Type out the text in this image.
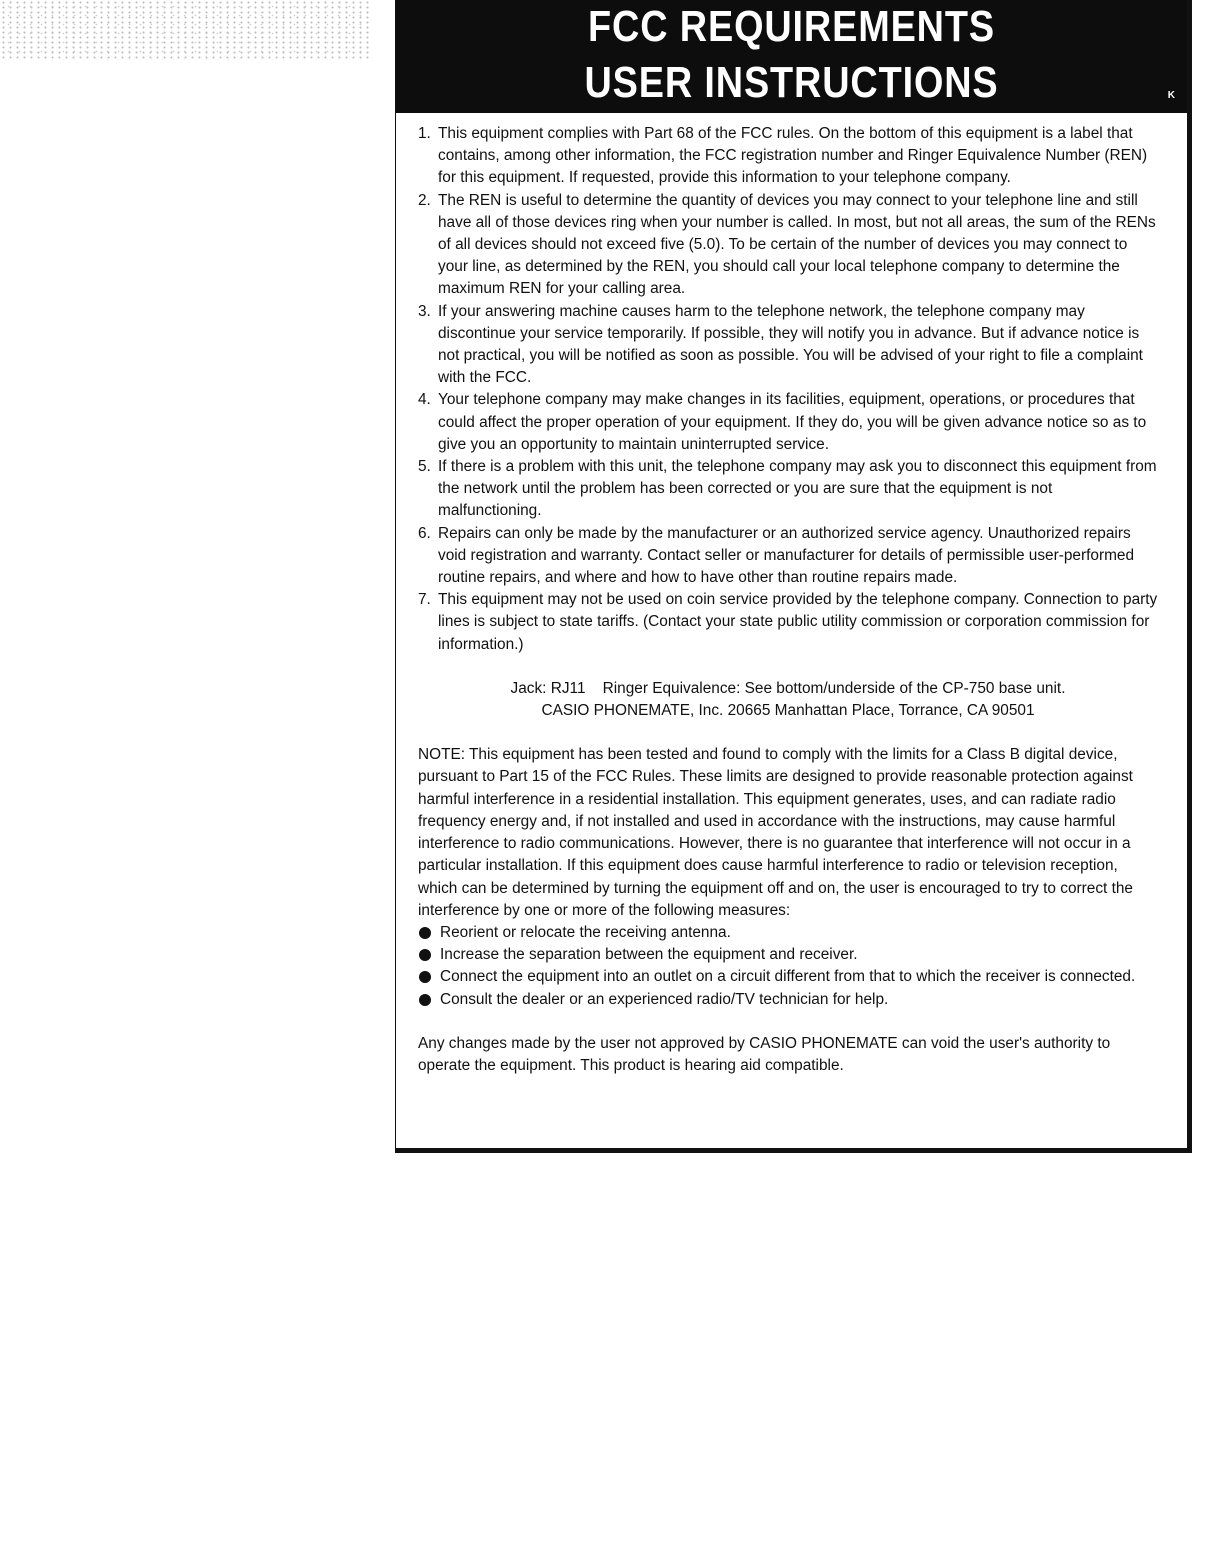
FCC REQUIREMENTS
USER INSTRUCTIONS	K
1. This equipment complies with Part 68 of the FCC rules. On the bottom of this equipment is a label that contains, among other information, the FCC registration number and Ringer Equivalence Number (REN) for this equipment. If requested, provide this information to your telephone company.
2. The REN is useful to determine the quantity of devices you may connect to your telephone line and still have all of those devices ring when your number is called. In most, but not all areas, the sum of the RENs of all devices should not exceed five (5.0). To be certain of the number of devices you may connect to your line, as determined by the REN, you should call your local telephone company to determine the maximum REN for your calling area.
3. If your answering machine causes harm to the telephone network, the telephone company may discontinue your service temporarily. If possible, they will notify you in advance. But if advance notice is not practical, you will be notified as soon as possible. You will be advised of your right to file a complaint with the FCC.
4. Your telephone company may make changes in its facilities, equipment, operations, or procedures that could affect the proper operation of your equipment. If they do, you will be given advance notice so as to give you an opportunity to maintain uninterrupted service.
5. If there is a problem with this unit, the telephone company may ask you to disconnect this equipment from the network until the problem has been corrected or you are sure that the equipment is not malfunctioning.
6. Repairs can only be made by the manufacturer or an authorized service agency. Unauthorized repairs void registration and warranty. Contact seller or manufacturer for details of permissible user-performed routine repairs, and where and how to have other than routine repairs made.
7. This equipment may not be used on coin service provided by the telephone company. Connection to party lines is subject to state tariffs. (Contact your state public utility commission or corporation commission for information.)
Jack: RJ11    Ringer Equivalence: See bottom/underside of the CP-750 base unit.
CASIO PHONEMATE, Inc. 20665 Manhattan Place, Torrance, CA 90501
NOTE: This equipment has been tested and found to comply with the limits for a Class B digital device, pursuant to Part 15 of the FCC Rules. These limits are designed to provide reasonable protection against harmful interference in a residential installation. This equipment generates, uses, and can radiate radio frequency energy and, if not installed and used in accordance with the instructions, may cause harmful interference to radio communications. However, there is no guarantee that interference will not occur in a particular installation. If this equipment does cause harmful interference to radio or television reception, which can be determined by turning the equipment off and on, the user is encouraged to try to correct the interference by one or more of the following measures:
Reorient or relocate the receiving antenna.
Increase the separation between the equipment and receiver.
Connect the equipment into an outlet on a circuit different from that to which the receiver is connected.
Consult the dealer or an experienced radio/TV technician for help.
Any changes made by the user not approved by CASIO PHONEMATE can void the user's authority to operate the equipment. This product is hearing aid compatible.
